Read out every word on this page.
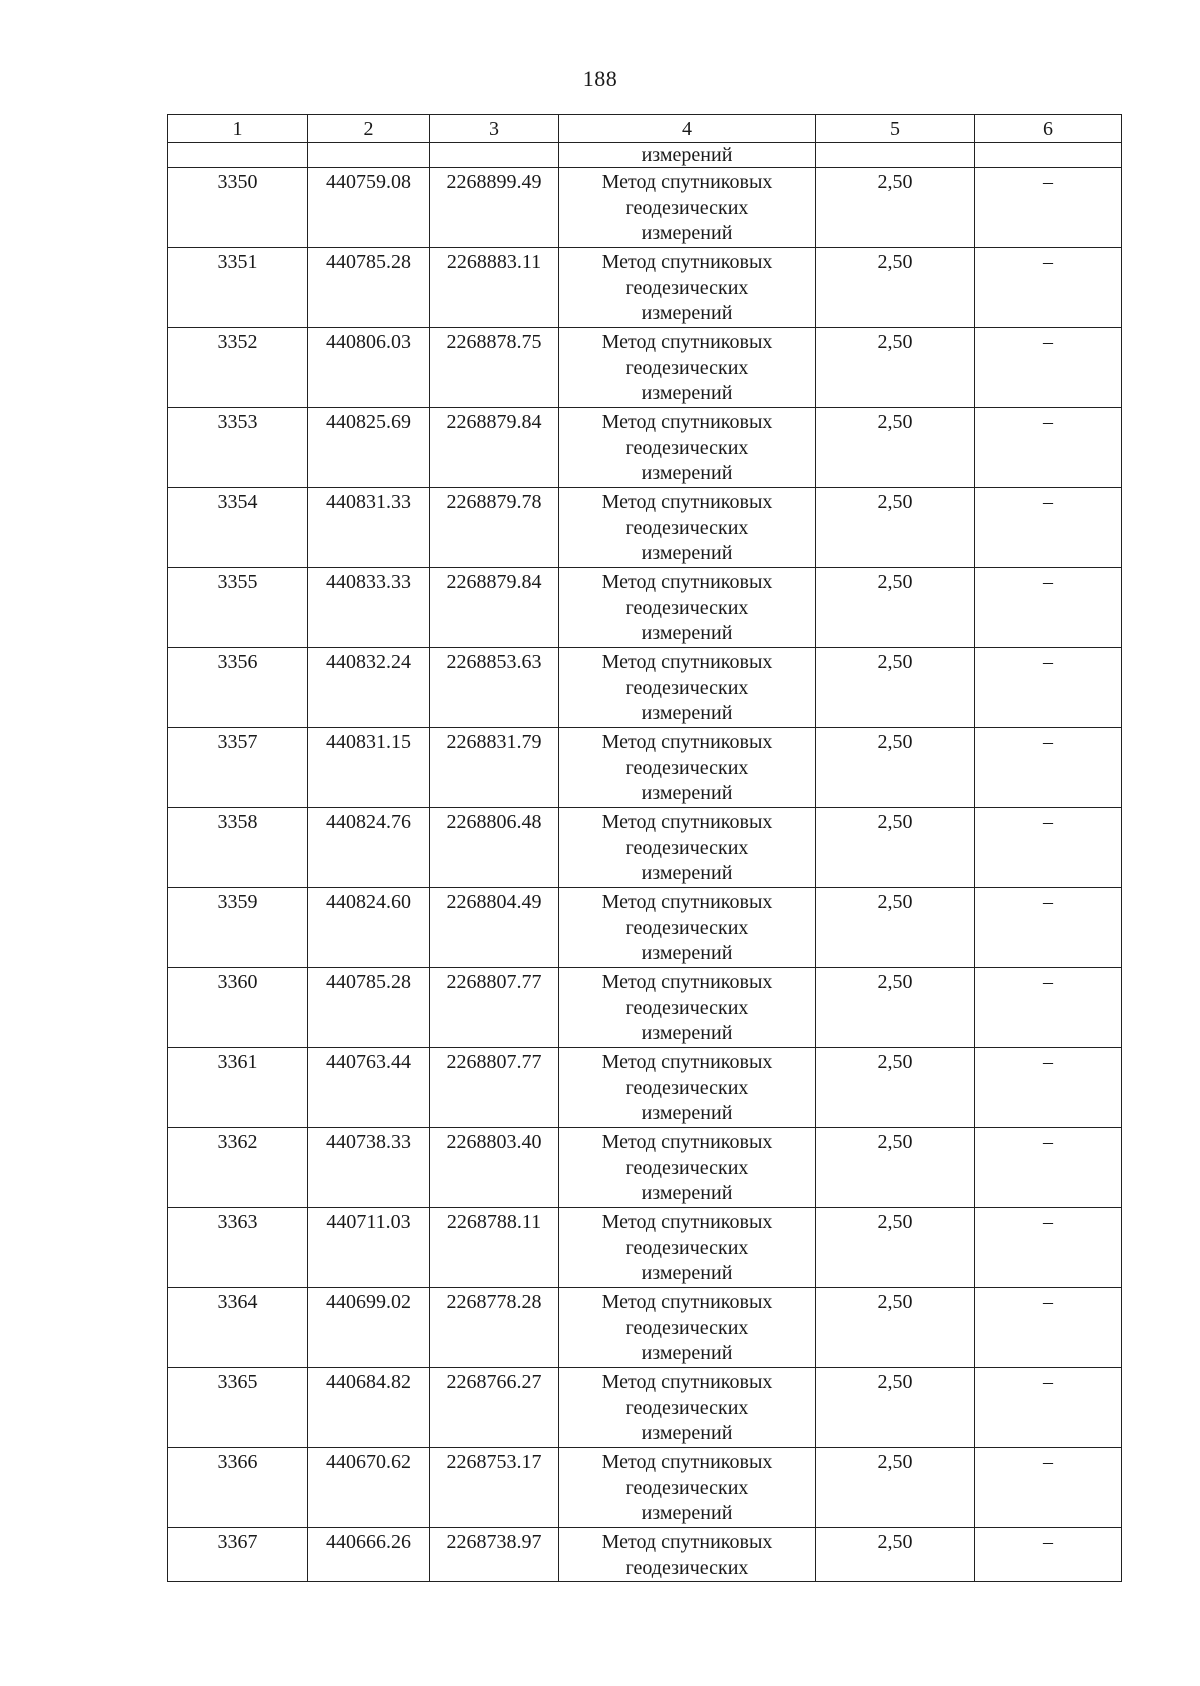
188
1	2	3	4	5	6
			измерений		
3350	440759.08	2268899.49	Метод спутниковых
геодезических
измерений	2,50	–
3351	440785.28	2268883.11	Метод спутниковых
геодезических
измерений	2,50	–
3352	440806.03	2268878.75	Метод спутниковых
геодезических
измерений	2,50	–
3353	440825.69	2268879.84	Метод спутниковых
геодезических
измерений	2,50	–
3354	440831.33	2268879.78	Метод спутниковых
геодезических
измерений	2,50	–
3355	440833.33	2268879.84	Метод спутниковых
геодезических
измерений	2,50	–
3356	440832.24	2268853.63	Метод спутниковых
геодезических
измерений	2,50	–
3357	440831.15	2268831.79	Метод спутниковых
геодезических
измерений	2,50	–
3358	440824.76	2268806.48	Метод спутниковых
геодезических
измерений	2,50	–
3359	440824.60	2268804.49	Метод спутниковых
геодезических
измерений	2,50	–
3360	440785.28	2268807.77	Метод спутниковых
геодезических
измерений	2,50	–
3361	440763.44	2268807.77	Метод спутниковых
геодезических
измерений	2,50	–
3362	440738.33	2268803.40	Метод спутниковых
геодезических
измерений	2,50	–
3363	440711.03	2268788.11	Метод спутниковых
геодезических
измерений	2,50	–
3364	440699.02	2268778.28	Метод спутниковых
геодезических
измерений	2,50	–
3365	440684.82	2268766.27	Метод спутниковых
геодезических
измерений	2,50	–
3366	440670.62	2268753.17	Метод спутниковых
геодезических
измерений	2,50	–
3367	440666.26	2268738.97	Метод спутниковых
геодезических	2,50	–
